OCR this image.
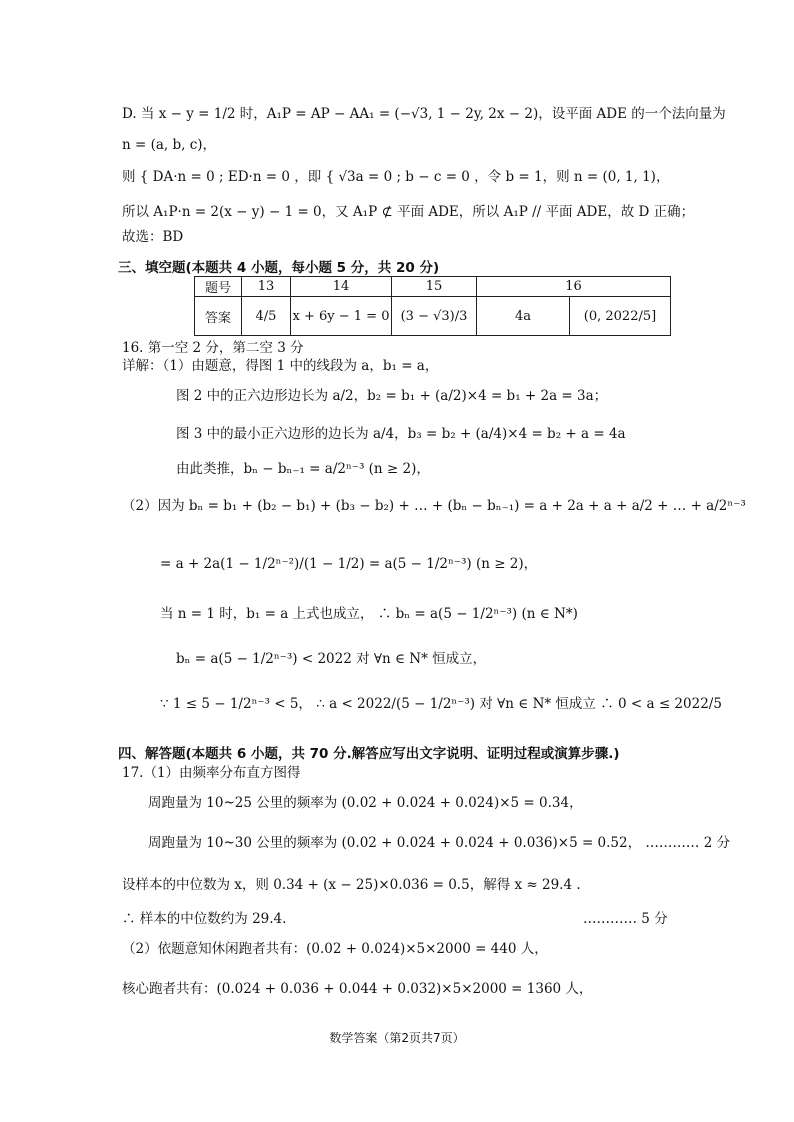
D. 当 x − y = 1/2 时，A₁P = AP − AA₁ = (−√3, 1 − 2y, 2x − 2)，设平面 ADE 的一个法向量为
n = (a, b, c)，
则 { DA·n = 0 ; ED·n = 0 ，即 { √3a = 0 ; b − c = 0 ，令 b = 1，则 n = (0, 1, 1)，
所以 A₁P·n = 2(x − y) − 1 = 0，又 A₁P ⊄ 平面 ADE，所以 A₁P // 平面 ADE，故 D 正确；
故选：BD
三、填空题(本题共 4 小题，每小题 5 分，共 20 分)
16. 第一空 2 分，第二空 3 分
详解：（1）由题意，得图 1 中的线段为 a，b₁ = a，
图 2 中的正六边形边长为 a/2，b₂ = b₁ + (a/2)×4 = b₁ + 2a = 3a；
图 3 中的最小正六边形的边长为 a/4，b₃ = b₂ + (a/4)×4 = b₂ + a = 4a
由此类推，bₙ − bₙ₋₁ = a/2ⁿ⁻³ (n ≥ 2)，
（2）因为 bₙ = b₁ + (b₂ − b₁) + (b₃ − b₂) + … + (bₙ − bₙ₋₁) = a + 2a + a + a/2 + … + a/2ⁿ⁻³
= a + 2a(1 − 1/2ⁿ⁻²)/(1 − 1/2) = a(5 − 1/2ⁿ⁻³) (n ≥ 2)，
当 n = 1 时，b₁ = a 上式也成立， ∴ bₙ = a(5 − 1/2ⁿ⁻³) (n ∈ N*)
bₙ = a(5 − 1/2ⁿ⁻³) < 2022 对 ∀n ∈ N* 恒成立，
∵ 1 ≤ 5 − 1/2ⁿ⁻³ < 5， ∴ a < 2022/(5 − 1/2ⁿ⁻³) 对 ∀n ∈ N* 恒成立 ∴ 0 < a ≤ 2022/5
四、解答题(本题共 6 小题，共 70 分.解答应写出文字说明、证明过程或演算步骤.)
17.（1）由频率分布直方图得
周跑量为 10~25 公里的频率为 (0.02 + 0.024 + 0.024)×5 = 0.34，
周跑量为 10~30 公里的频率为 (0.02 + 0.024 + 0.024 + 0.036)×5 = 0.52， ………… 2 分
设样本的中位数为 x，则 0.34 + (x − 25)×0.036 = 0.5，解得 x ≈ 29.4 .
∴ 样本的中位数约为 29.4.	………… 5 分
（2）依题意知休闲跑者共有：(0.02 + 0.024)×5×2000 = 440 人，
核心跑者共有：(0.024 + 0.036 + 0.044 + 0.032)×5×2000 = 1360 人，
题号	13	14	15	16	
答案	4/5	x + 6y − 1 = 0	(3 − √3)/3	4a	(0, 2022/5]
数学答案（第2页共7页）
